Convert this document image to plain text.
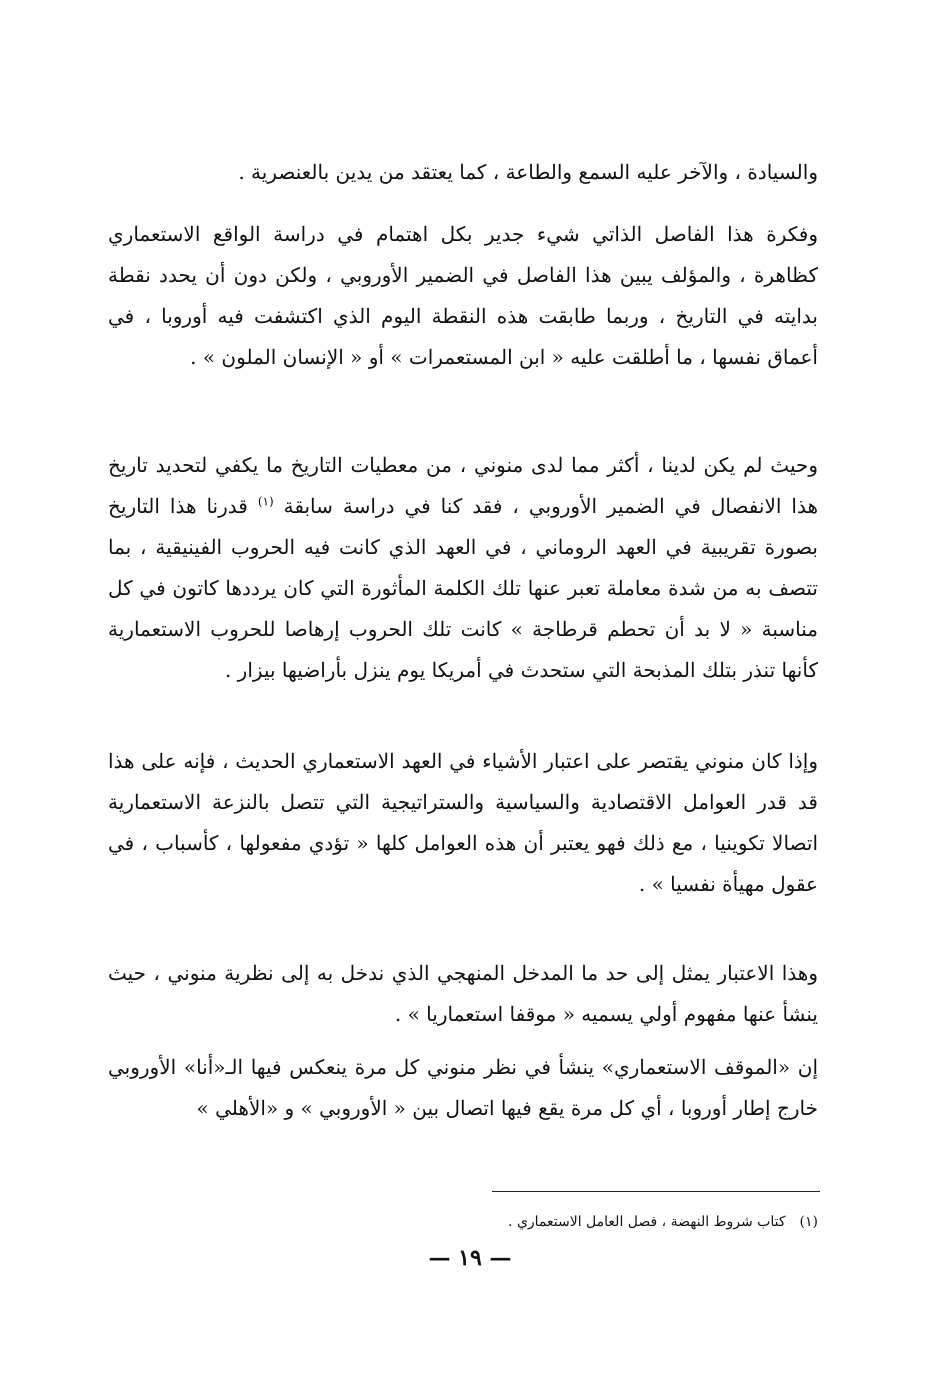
والسيادة ، والآخر عليه السمع والطاعة ، كما يعتقد من يدين بالعنصرية .

وفكرة هذا الفاصل الذاتي شيء جدير بكل اهتمام في دراسة الواقع الاستعماري كظاهرة ، والمؤلف يبين هذا الفاصل في الضمير الأوروبي ، ولكن دون أن يحدد نقطة بدايته في التاريخ ، وربما طابقت هذه النقطة اليوم الذي اكتشفت فيه أوروبا ، في أعماق نفسها ، ما أطلقت عليه « ابن المستعمرات » أو « الإنسان الملون » .

وحيث لم يكن لدينا ، أكثر مما لدى منوني ، من معطيات التاريخ ما يكفي لتحديد تاريخ هذا الانفصال في الضمير الأوروبي ، فقد كنا في دراسة سابقة $^{(١)}$ قدرنا هذا التاريخ بصورة تقريبية في العهد الروماني ، في العهد الذي كانت فيه الحروب الفينيقية ، بما تتصف به من شدة معاملة تعبر عنها تلك الكلمة المأثورة التي كان يرددها كاتون في كل مناسبة « لا بد أن تحطم قرطاجة » كانت تلك الحروب إرهاصا للحروب الاستعمارية كأنها تنذر بتلك المذبحة التي ستحدث في أمريكا يوم ينزل بأراضيها بيزار .

وإذا كان منوني يقتصر على اعتبار الأشياء في العهد الاستعماري الحديث ، فإنه على هذا قد قدر العوامل الاقتصادية والسياسية والستراتيجية التي تتصل بالنزعة الاستعمارية اتصالا تكوينيا ، مع ذلك فهو يعتبر أن هذه العوامل كلها « تؤدي مفعولها ، كأسباب ، في عقول مهيأة نفسيا » .

وهذا الاعتبار يمثل إلى حد ما المدخل المنهجي الذي ندخل به إلى نظرية منوني ، حيث ينشأ عنها مفهوم أولي يسميه « موقفا استعماريا » .

إن «الموقف الاستعماري» ينشأ في نظر منوني كل مرة ينعكس فيها الـ«أنا» الأوروبي خارج إطار أوروبا ، أي كل مرة يقع فيها اتصال بين « الأوروبي » و «الأهلي »

(١)كتاب شروط النهضة ، فصل العامل الاستعماري .
— ١٩ —
